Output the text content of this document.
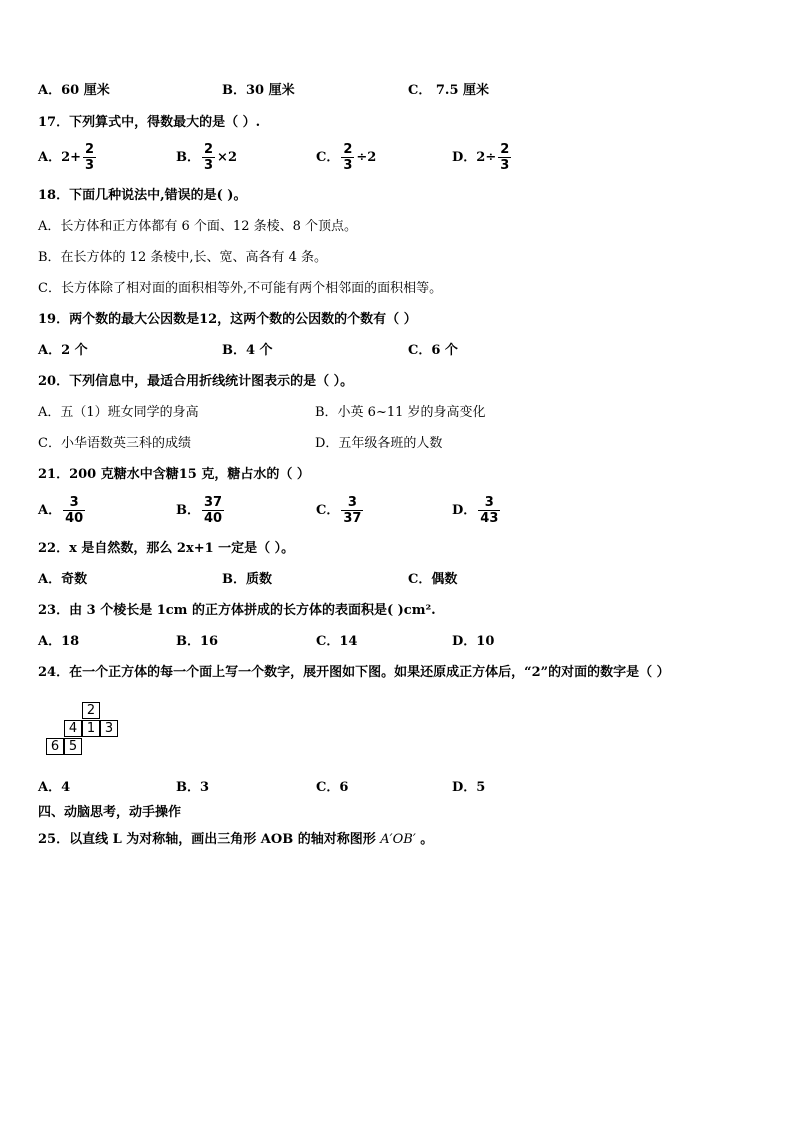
A．60 厘米	B．30 厘米	C． 7.5 厘米
17．下列算式中，得数最大的是（ ）.
A．$2+ \frac{2}{3}$	B． $\frac{2}{3} \times 2$	C． $\frac{2}{3} \div 2$	D．$2\div \frac{2}{3}$
18．下面几种说法中,错误的是( )。
A．长方体和正方体都有 6 个面、12 条棱、8 个顶点。
B．在长方体的 12 条棱中,长、宽、高各有 4 条。
C．长方体除了相对面的面积相等外,不可能有两个相邻面的面积相等。
19．两个数的最大公因数是12，这两个数的公因数的个数有（ ）
A．2 个	B．4 个	C．6 个
20．下列信息中，最适合用折线统计图表示的是（ ）。
A．五（1）班女同学的身高	B．小英 6~11 岁的身高变化
C．小华语数英三科的成绩	D．五年级各班的人数
21．200 克糖水中含糖15 克，糖占水的（ ）
A． $\frac{3}{40}$	B． $\frac{37}{40}$	C． $\frac{3}{37}$	D． $\frac{3}{43}$
22．x 是自然数，那么 2x+1 一定是（ ）。
A．奇数	B．质数	C．偶数
23．由 3 个棱长是 1cm 的正方体拼成的长方体的表面积是( )cm².
A．18	B．16	C．14	D．10
24．在一个正方体的每一个面上写一个数字，展开图如下图。如果还原成正方体后，“2”的对面的数字是（ ）
2
4 1 3
6 5
A．4	B．3	C．6	D．5
四、动脑思考，动手操作
25．以直线 L 为对称轴，画出三角形 AOB 的轴对称图形 A′OB′ 。
